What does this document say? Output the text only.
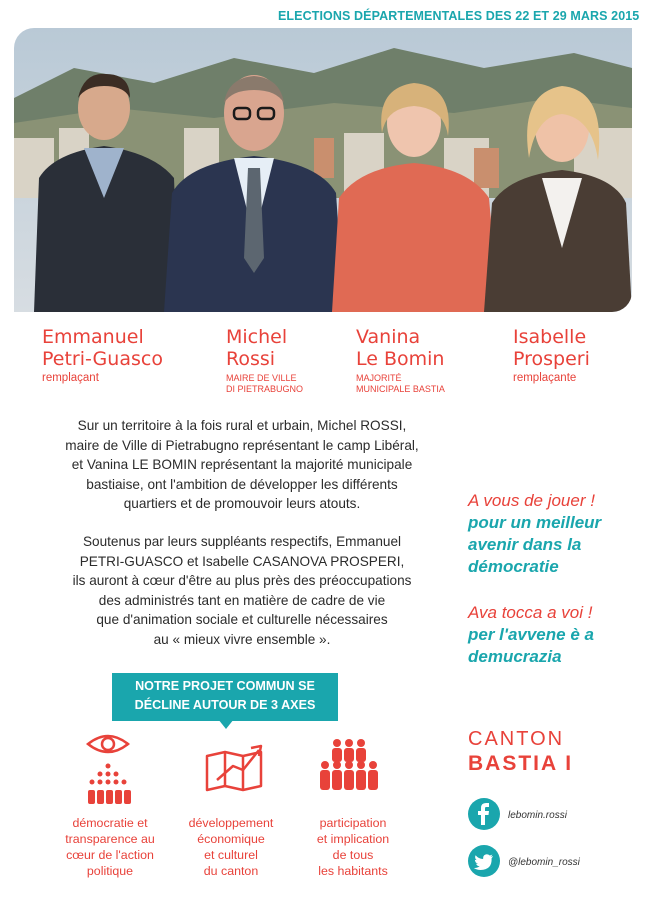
ELECTIONS DÉPARTEMENTALES DES 22 ET 29 MARS 2015
Emmanuel
Petri-Guasco
remplaçant
Michel
Rossi
MAIRE DE VILLE
DI PIETRABUGNO
Vanina
Le Bomin
MAJORITÉ
MUNICIPALE BASTIA
Isabelle
Prosperi
remplaçante
Sur un territoire à la fois rural et urbain, Michel ROSSI,
maire de Ville di Pietrabugno représentant le camp Libéral,
et Vanina LE BOMIN représentant la majorité municipale
bastiaise, ont l'ambition de développer les différents
quartiers et de promouvoir leurs atouts.
Soutenus par leurs suppléants respectifs, Emmanuel
PETRI-GUASCO et Isabelle CASANOVA PROSPERI,
ils auront à cœur d'être au plus près des préoccupations
des administrés tant en matière de cadre de vie
que d'animation sociale et culturelle nécessaires
au « mieux vivre ensemble ».
A vous de jouer !
pour un meilleur
avenir dans la
démocratie
Ava tocca a voi !
per l'avvene è a
demucrazia
NOTRE PROJET COMMUN SE
DÉCLINE AUTOUR DE 3 AXES
démocratie et
transparence au
cœur de l'action
politique
développement
économique
et culturel
du canton
participation
et implication
de tous
les habitants
CANTON
BASTIA I
lebomin.rossi
@lebomin_rossi
